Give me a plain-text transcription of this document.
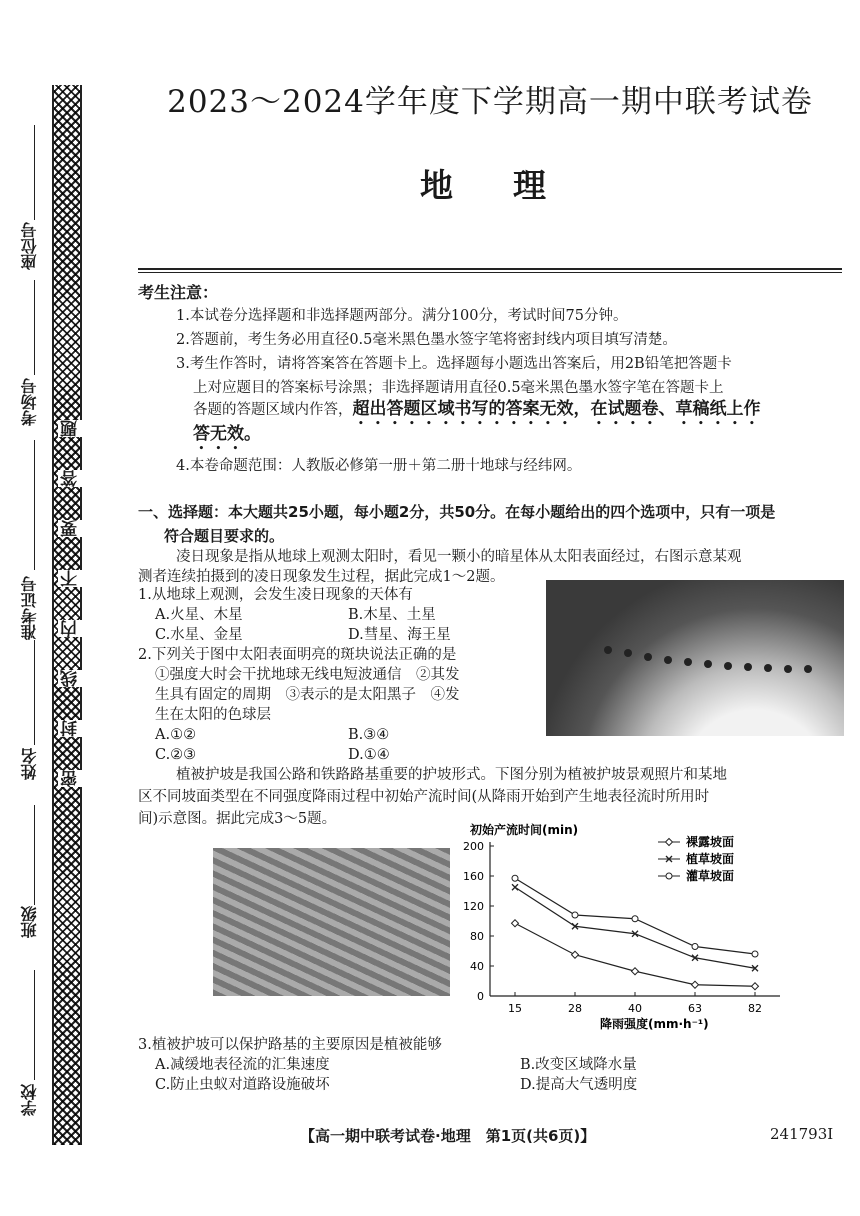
座位号
考场号
准考证号
姓名
班级
学校
题
答
要
不
内
线
封
密
2023～2024学年度下学期高一期中联考试卷
地理
考生注意：
1.本试卷分选择题和非选择题两部分。满分100分，考试时间75分钟。
2.答题前，考生务必用直径0.5毫米黑色墨水签字笔将密封线内项目填写清楚。
3.考生作答时，请将答案答在答题卡上。选择题每小题选出答案后，用2B铅笔把答题卡
上对应题目的答案标号涂黑；非选择题请用直径0.5毫米黑色墨水签字笔在答题卡上
各题的答题区域内作答，超出答题区域书写的答案无效，在试题卷、草稿纸上作
答无效。
4.本卷命题范围：人教版必修第一册＋第二册十地球与经纬网。
一、选择题：本大题共25小题，每小题2分，共50分。在每小题给出的四个选项中，只有一项是
符合题目要求的。
凌日现象是指从地球上观测太阳时，看见一颗小的暗星体从太阳表面经过，右图示意某观
测者连续拍摄到的凌日现象发生过程，据此完成1～2题。
1.从地球上观测，会发生凌日现象的天体有
A.火星、木星	B.木星、土星
C.水星、金星	D.彗星、海王星
2.下列关于图中太阳表面明亮的斑块说法正确的是
①强度大时会干扰地球无线电短波通信　②其发
生具有固定的周期　③表示的是太阳黑子　④发
生在太阳的色球层
A.①②	B.③④
C.②③	D.①④
植被护坡是我国公路和铁路路基重要的护坡形式。下图分别为植被护坡景观照片和某地
区不同坡面类型在不同强度降雨过程中初始产流时间(从降雨开始到产生地表径流时所用时
间)示意图。据此完成3～5题。
初始产流时间(min)
降雨强度(mm·h⁻¹)
0
40
80
120
160
200
15	28	40	63	82
裸露坡面
植草坡面
灌草坡面
3.植被护坡可以保护路基的主要原因是植被能够
A.减缓地表径流的汇集速度	B.改变区域降水量
C.防止虫蚁对道路设施破坏	D.提高大气透明度
【高一期中联考试卷·地理　第1页(共6页)】	241793I
